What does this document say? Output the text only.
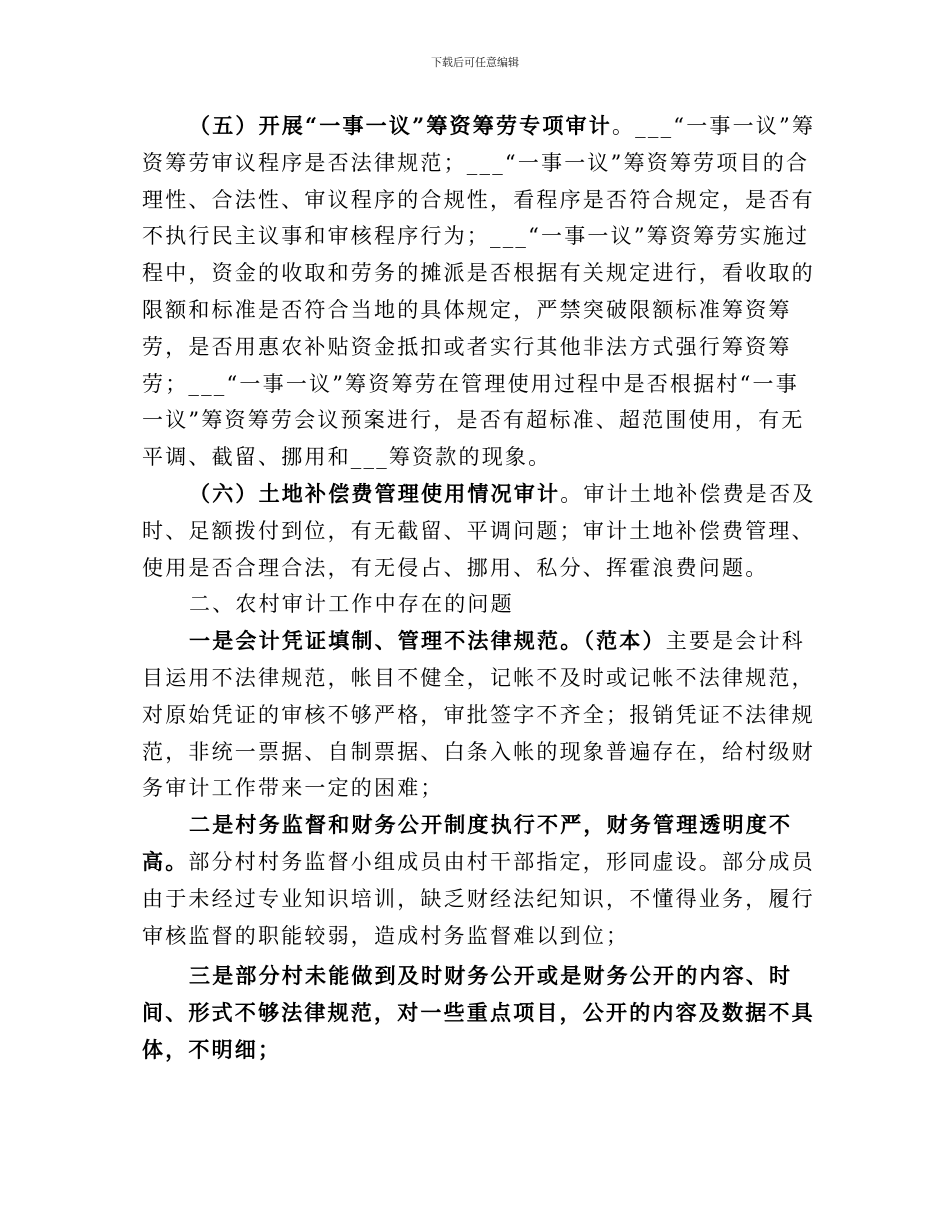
下载后可任意编辑

（五）开展“一事一议”筹资筹劳专项审计。___“一事一议”筹资筹劳审议程序是否法律规范；___“一事一议”筹资筹劳项目的合理性、合法性、审议程序的合规性，看程序是否符合规定，是否有不执行民主议事和审核程序行为；___“一事一议”筹资筹劳实施过程中，资金的收取和劳务的摊派是否根据有关规定进行，看收取的限额和标准是否符合当地的具体规定，严禁突破限额标准筹资筹劳，是否用惠农补贴资金抵扣或者实行其他非法方式强行筹资筹劳；___“一事一议”筹资筹劳在管理使用过程中是否根据村“一事一议”筹资筹劳会议预案进行，是否有超标准、超范围使用，有无平调、截留、挪用和___筹资款的现象。

（六）土地补偿费管理使用情况审计。审计土地补偿费是否及时、足额拨付到位，有无截留、平调问题；审计土地补偿费管理、使用是否合理合法，有无侵占、挪用、私分、挥霍浪费问题。

二、农村审计工作中存在的问题

一是会计凭证填制、管理不法律规范。（范本）主要是会计科目运用不法律规范，帐目不健全，记帐不及时或记帐不法律规范，对原始凭证的审核不够严格，审批签字不齐全；报销凭证不法律规范，非统一票据、自制票据、白条入帐的现象普遍存在，给村级财务审计工作带来一定的困难；

二是村务监督和财务公开制度执行不严，财务管理透明度不高。部分村村务监督小组成员由村干部指定，形同虚设。部分成员由于未经过专业知识培训，缺乏财经法纪知识，不懂得业务，履行审核监督的职能较弱，造成村务监督难以到位；

三是部分村未能做到及时财务公开或是财务公开的内容、时间、形式不够法律规范，对一些重点项目，公开的内容及数据不具体，不明细；
